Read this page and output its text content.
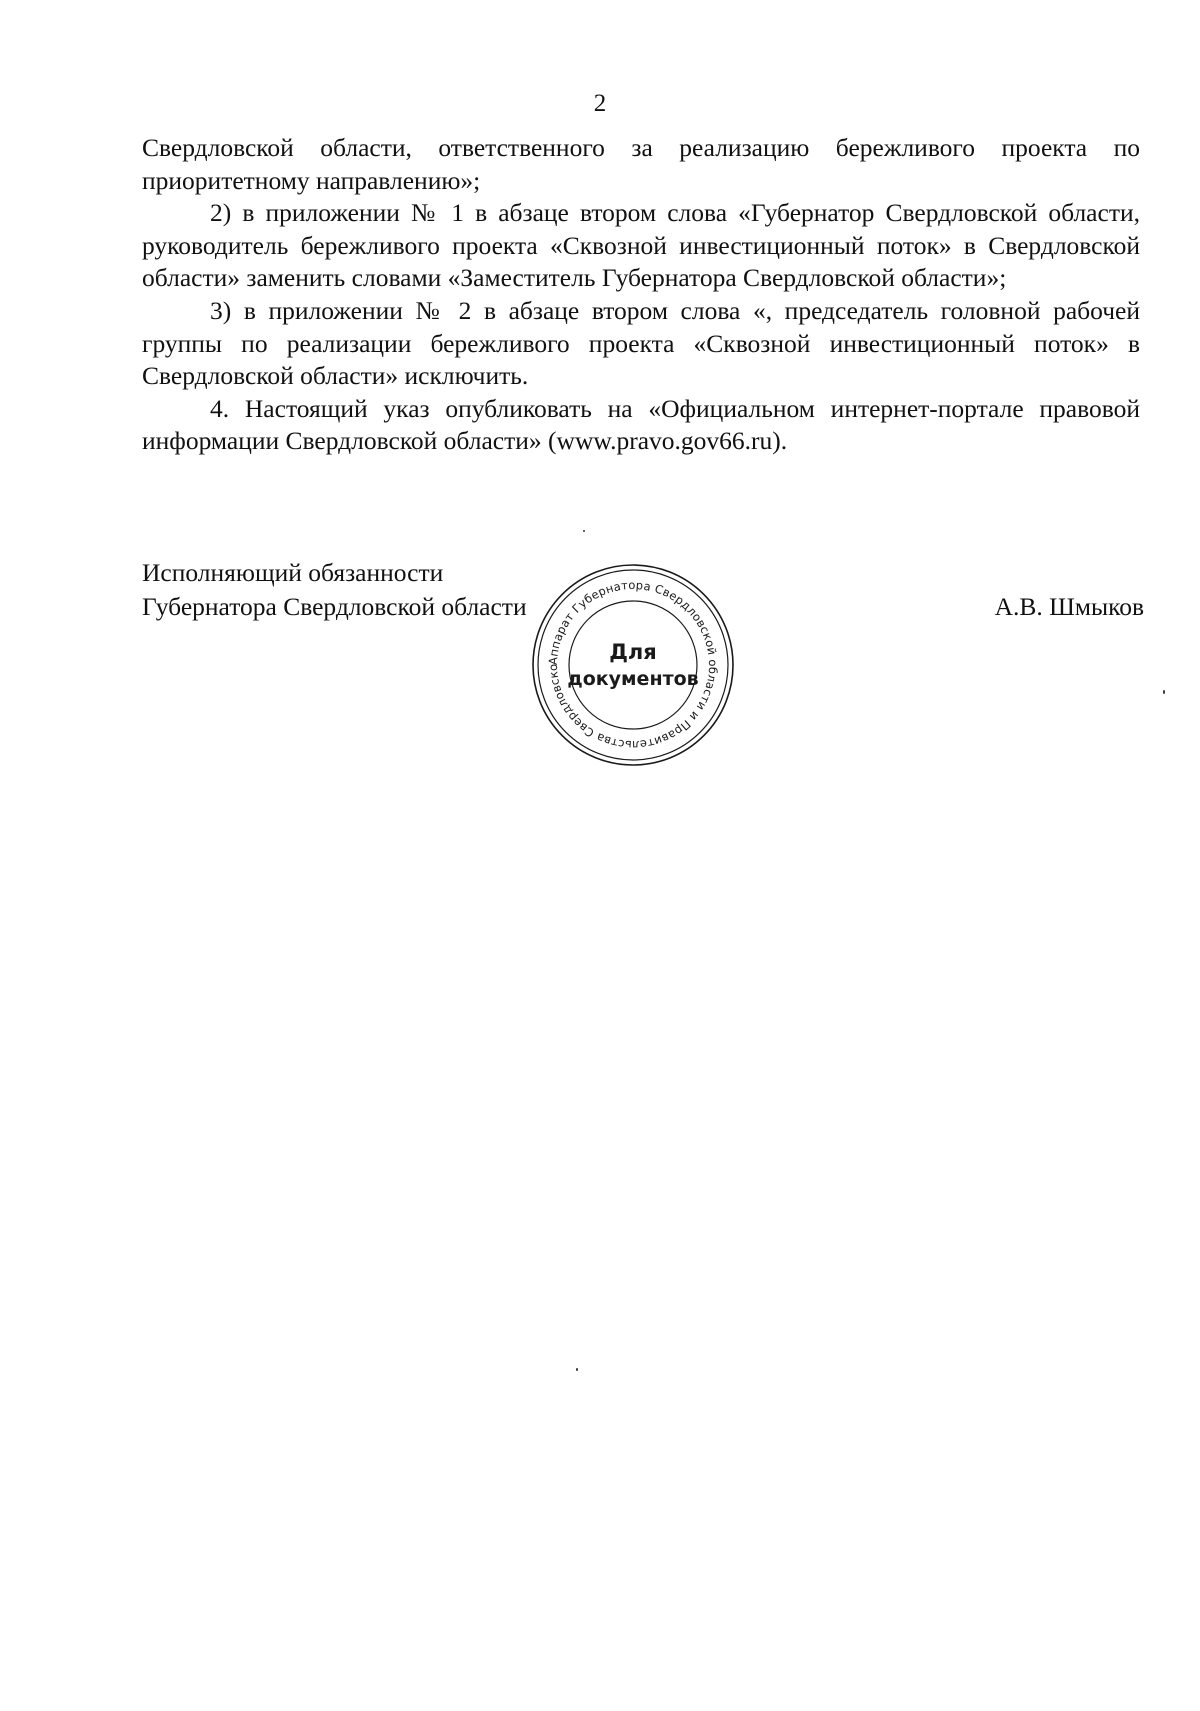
2

Свердловской области, ответственного за реализацию бережливого проекта по приоритетному направлению»;

2) в приложении № 1 в абзаце втором слова «Губернатор Свердловской области, руководитель бережливого проекта «Сквозной инвестиционный поток» в Свердловской области» заменить словами «Заместитель Губернатора Свердловской области»;

3) в приложении № 2 в абзаце втором слова «, председатель головной рабочей группы по реализации бережливого проекта «Сквозной инвестиционный поток» в Свердловской области» исключить.

4. Настоящий указ опубликовать на «Официальном интернет-портале правовой информации Свердловской области» (www.pravo.gov66.ru).

Исполняющий обязанности
Губернатора Свердловской области	А.В. Шмыков
Аппарат Губернатора Свердловской области и Правительства Свердловско
Для
документов
